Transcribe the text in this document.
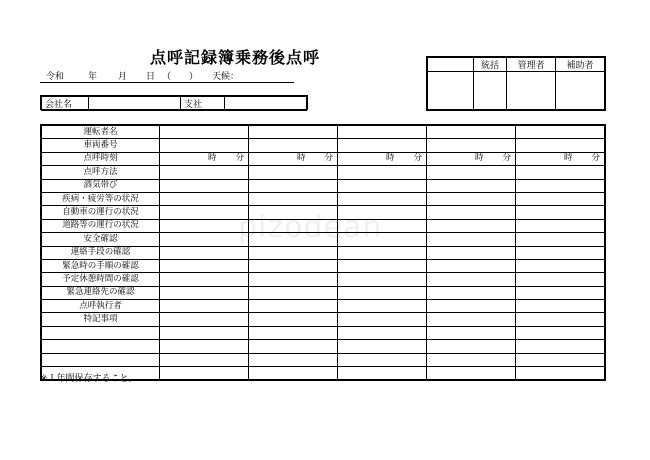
pizodean
点呼記録簿乗務後点呼
令和	年 月 日 （　　） 天候：
	統括	管理者	補助者

会社名		支社	
運転者名					
車両番号					
点呼時刻	時 分	時 分	時 分	時 分	時 分

点呼方法					
酒気帯び					
疾病・疲労等の状況					
自動車の運行の状況					
道路等の運行の状況					
安全確認					
連絡手段の確認					
緊急時の手順の確認					
予定休憩時間の確認					
緊急連絡先の確認					
点呼執行者					
特記事項					

※１年間保存すること。
